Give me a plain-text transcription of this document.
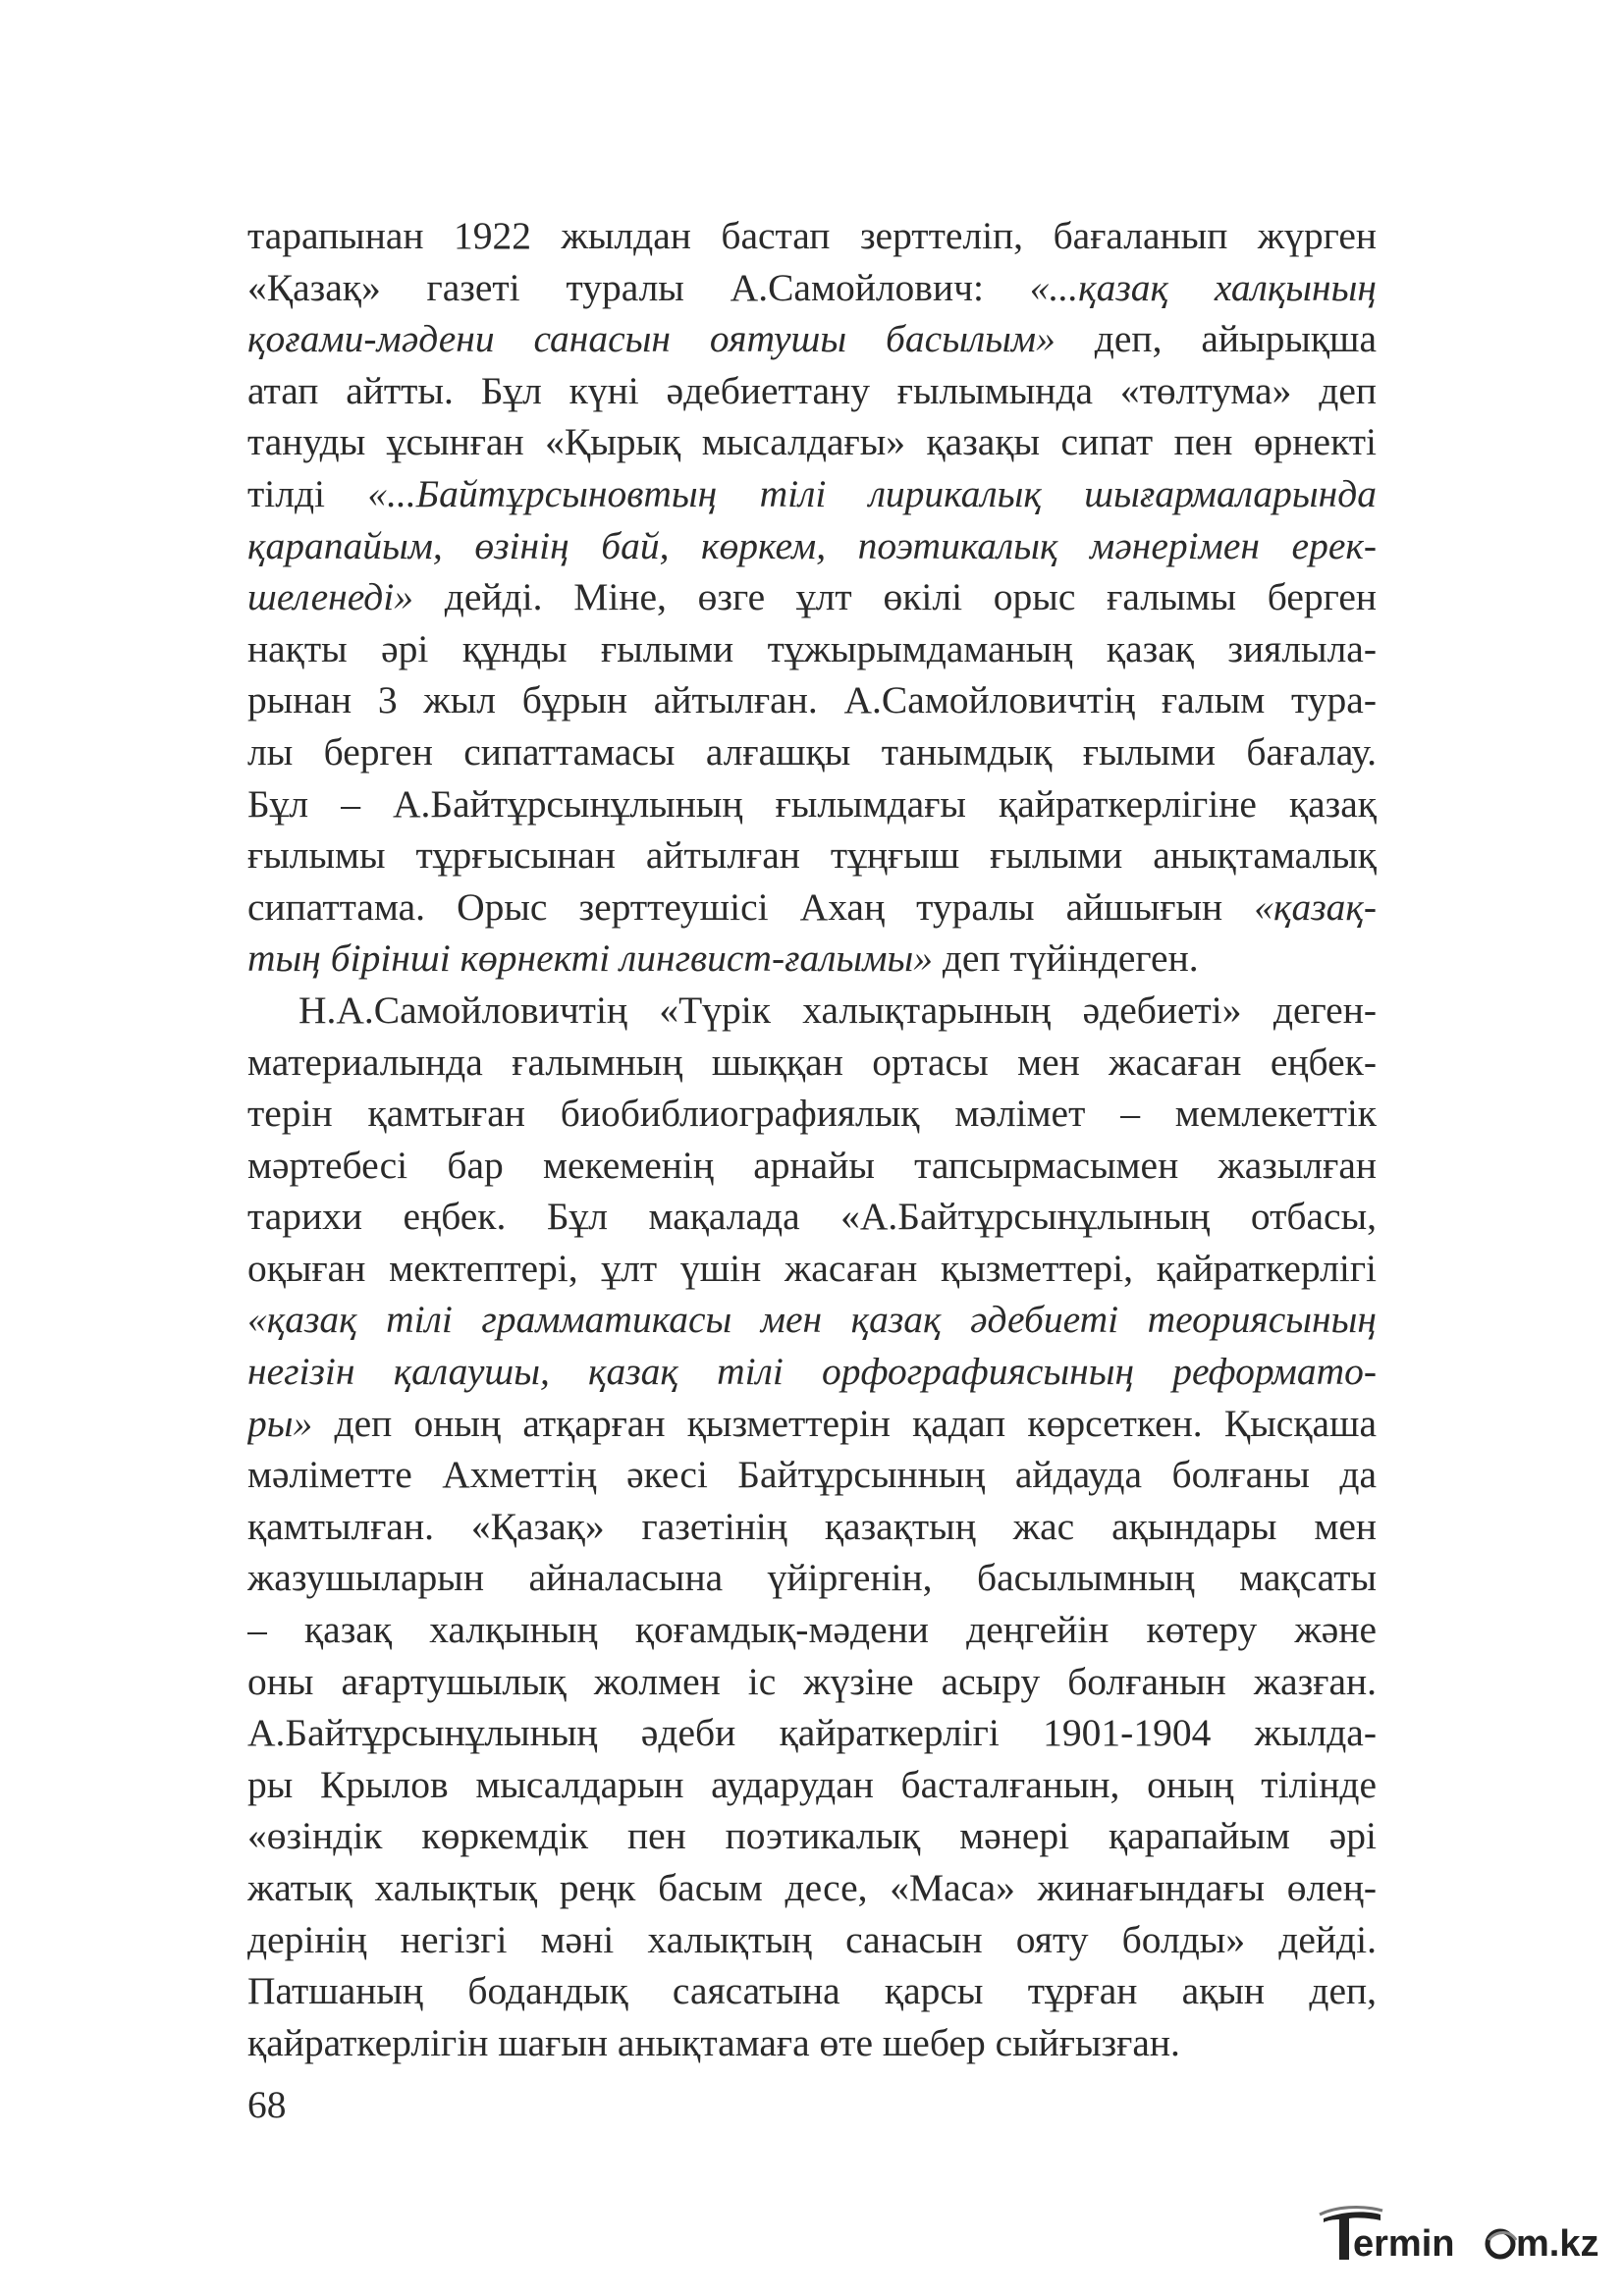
тарапынан 1922 жылдан бастап зерттеліп, бағаланып жүрген
«Қазақ» газеті туралы А.Самойлович: «...қазақ халқының
қоғами-мәдени санасын оятушы басылым» деп, айырықша
атап айтты. Бұл күні әдебиеттану ғылымында «төлтума» деп
тануды ұсынған «Қырық мысалдағы» қазақы сипат пен өрнекті
тілді «...Байтұрсыновтың тілі лирикалық шығармаларында
қарапайым, өзінің бай, көркем, поэтикалық мәнерімен ерек-
шеленеді» дейді. Міне, өзге ұлт өкілі орыс ғалымы берген
нақты әрі құнды ғылыми тұжырымдаманың қазақ зиялыла-
рынан 3 жыл бұрын айтылған. А.Самойловичтің ғалым тура-
лы берген сипаттамасы алғашқы танымдық ғылыми бағалау.
Бұл – А.Байтұрсынұлының ғылымдағы қайраткерлігіне қазақ
ғылымы тұрғысынан айтылған тұңғыш ғылыми анықтамалық
сипаттама. Орыс зерттеушісі Ахаң туралы айшығын «қазақ-
тың бірінші көрнекті лингвист-ғалымы» деп түйіндеген.
Н.А.Самойловичтің «Түрік халықтарының әдебиеті» деген-
материалында ғалымның шыққан ортасы мен жасаған еңбек-
терін қамтыған биобиблиографиялық мәлімет – мемлекеттік
мәртебесі бар мекеменің арнайы тапсырмасымен жазылған
тарихи еңбек. Бұл мақалада «А.Байтұрсынұлының отбасы,
оқыған мектептері, ұлт үшін жасаған қызметтері, қайраткерлігі
«қазақ тілі грамматикасы мен қазақ әдебиеті теориясының
негізін қалаушы, қазақ тілі орфографиясының реформато-
ры» деп оның атқарған қызметтерін қадап көрсеткен. Қысқаша
мәліметте Ахметтің әкесі Байтұрсынның айдауда болғаны да
қамтылған. «Қазақ» газетінің қазақтың жас ақындары мен
жазушыларын айналасына үйіргенін, басылымның мақсаты
– қазақ халқының қоғамдық-мәдени деңгейін көтеру және
оны ағартушылық жолмен іс жүзіне асыру болғанын жазған.
А.Байтұрсынұлының әдеби қайраткерлігі 1901-1904 жылда-
ры Крылов мысалдарын аударудан басталғанын, оның тілінде
«өзіндік көркемдік пен поэтикалық мәнері қарапайым әрі
жатық халықтық реңк басым десе, «Маса» жинағындағы өлең-
дерінің негізгі мәні халықтың санасын ояту болды» дейді.
Патшаның бодандық саясатына қарсы тұрған ақын деп,
қайраткерлігін шағын анықтамаға өте шебер сыйғызған.
68
ermin m.kz
